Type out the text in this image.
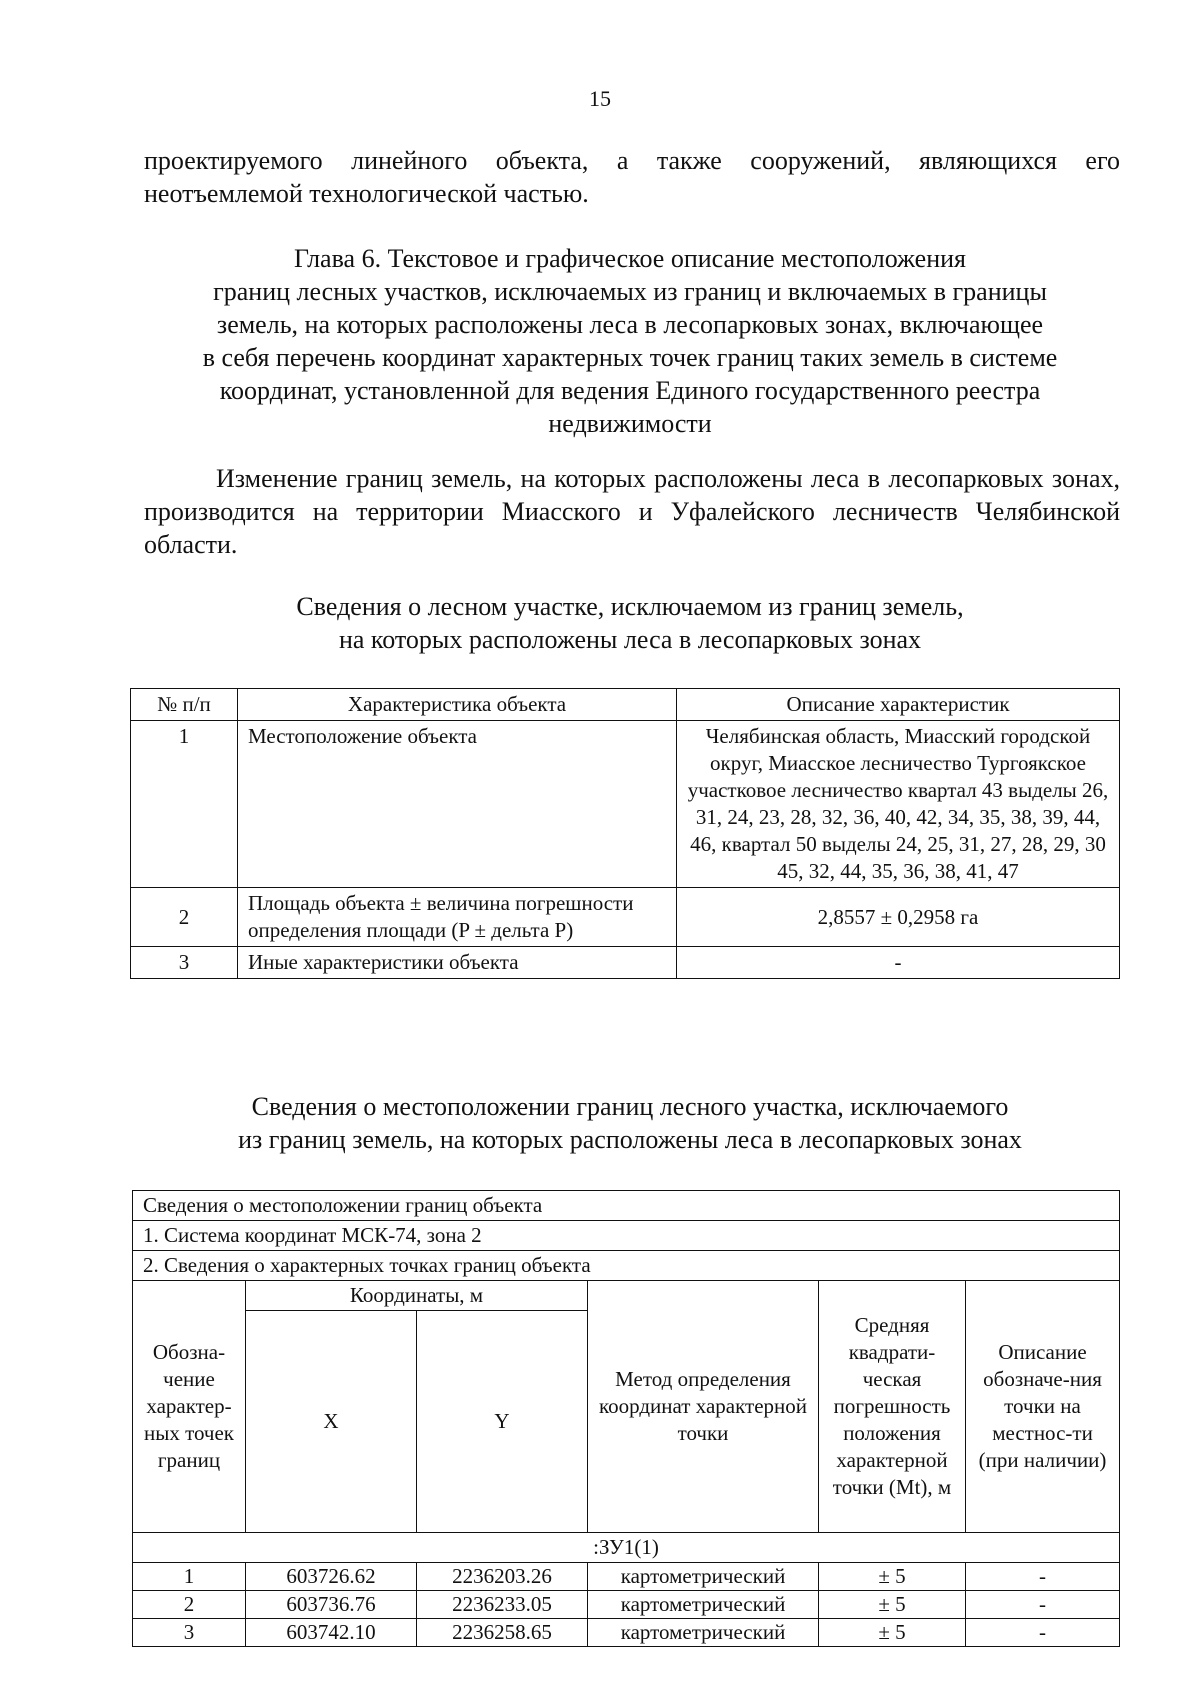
15

проектируемого линейного объекта, а также сооружений, являющихся его неотъемлемой технологической частью.

Глава 6. Текстовое и графическое описание местоположения
границ лесных участков, исключаемых из границ и включаемых в границы
земель, на которых расположены леса в лесопарковых зонах, включающее
в себя перечень координат характерных точек границ таких земель в системе
координат, установленной для ведения Единого государственного реестра
недвижимости

Изменение границ земель, на которых расположены леса в лесопарковых зонах, производится на территории Миасского и Уфалейского лесничеств Челябинской области.

Сведения о лесном участке, исключаемом из границ земель,
на которых расположены леса в лесопарковых зонах
№ п/п	Характеристика объекта	Описание характеристик
1	Местоположение объекта	Челябинская область, Миасский городской округ, Миасское лесничество Тургоякское участковое лесничество квартал 43 выделы 26, 31, 24, 23, 28, 32, 36, 40, 42, 34, 35, 38, 39, 44, 46, квартал 50 выделы 24, 25, 31, 27, 28, 29, 30 45, 32, 44, 35, 36, 38, 41, 47
2	Площадь объекта ± величина погрешности определения площади (P ± дельта P)	2,8557 ± 0,2958 га
3	Иные характеристики объекта	-
Сведения о местоположении границ лесного участка, исключаемого
из границ земель, на которых расположены леса в лесопарковых зонах
Сведения о местоположении границ объекта					
1. Система координат МСК-74, зона 2					
2. Сведения о характерных точках границ объекта					
Обозна-чение характер-ных точек границ	Координаты, м		Метод определения координат характерной точки	Средняя квадрати-ческая погрешность положения характерной точки (Mt), м	Описание обозначе-ния точки на местнос-ти (при наличии)
	X	Y			
:ЗУ1(1)					
1	603726.62	2236203.26	картометрический	± 5	-
2	603736.76	2236233.05	картометрический	± 5	-
3	603742.10	2236258.65	картометрический	± 5	-
